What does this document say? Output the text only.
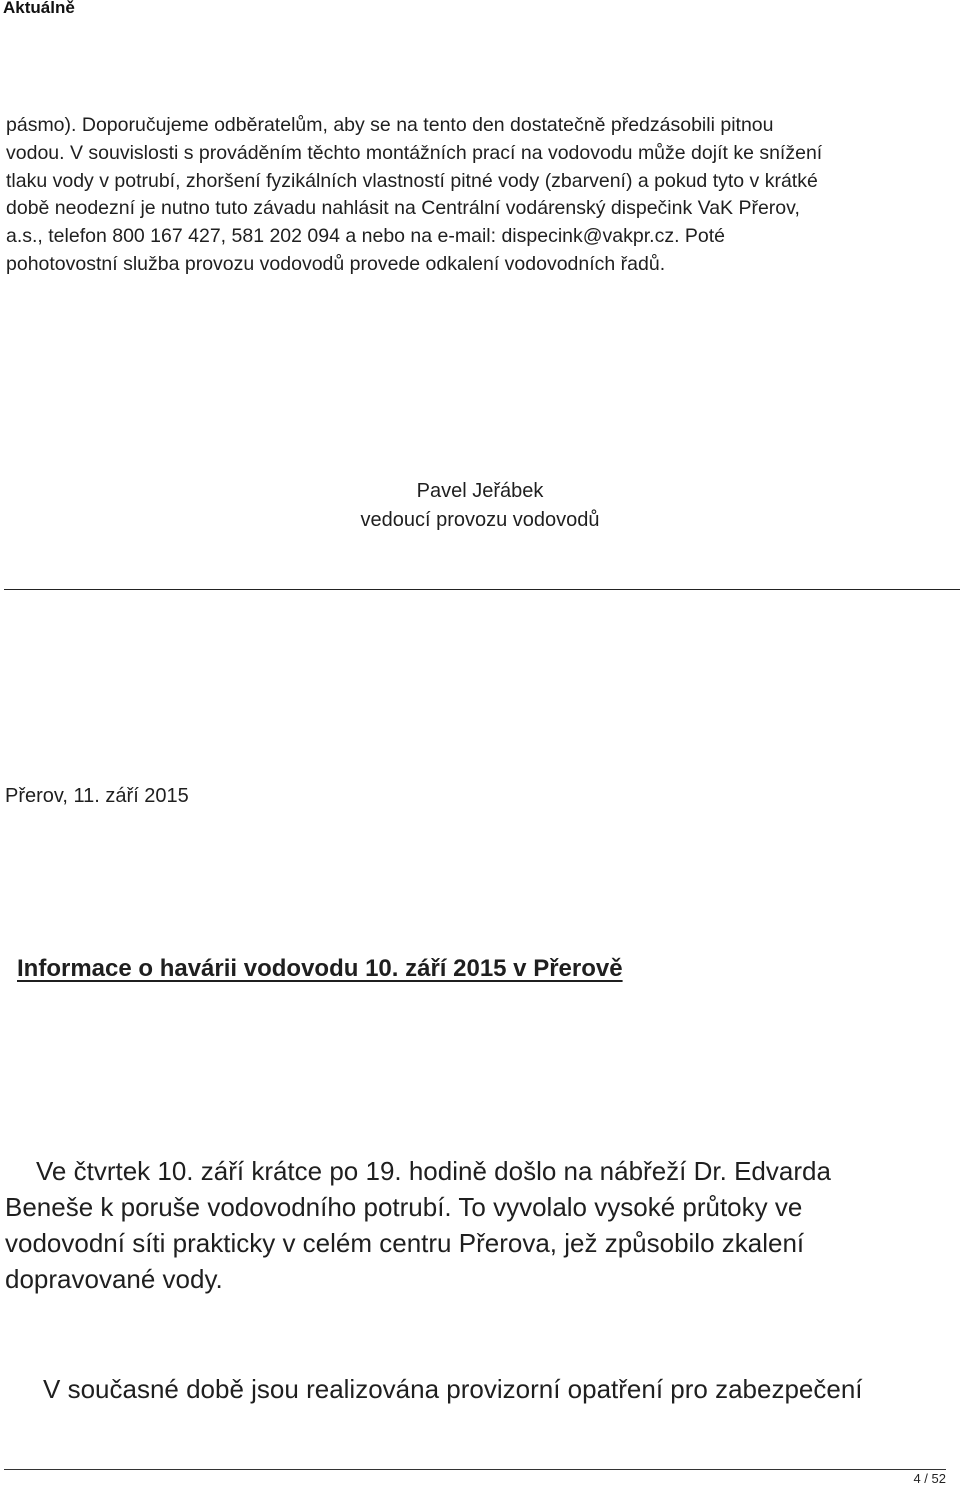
Aktuálně
pásmo). Doporučujeme odběratelům, aby se na tento den dostatečně předzásobili pitnou
vodou. V souvislosti s prováděním těchto montážních prací na vodovodu může dojít ke snížení
tlaku vody v potrubí, zhoršení fyzikálních vlastností pitné vody (zbarvení) a pokud tyto v krátké
době neodezní je nutno tuto závadu nahlásit na Centrální vodárenský dispečink VaK Přerov,
a.s., telefon 800 167 427, 581 202 094 a nebo na e-mail: dispecink@vakpr.cz. Poté
pohotovostní služba provozu vodovodů provede odkalení vodovodních řadů.
Pavel Jeřábek
vedoucí provozu vodovodů
Přerov, 11. září 2015
Informace o havárii vodovodu 10. září 2015 v Přerově
Ve čtvrtek 10. září krátce po 19. hodině došlo na nábřeží Dr. Edvarda
Beneše k poruše vodovodního potrubí. To vyvolalo vysoké průtoky ve
vodovodní síti prakticky v celém centru Přerova, jež způsobilo zkalení
dopravované vody.
V současné době jsou realizována provizorní opatření pro zabezpečení
4 / 52
